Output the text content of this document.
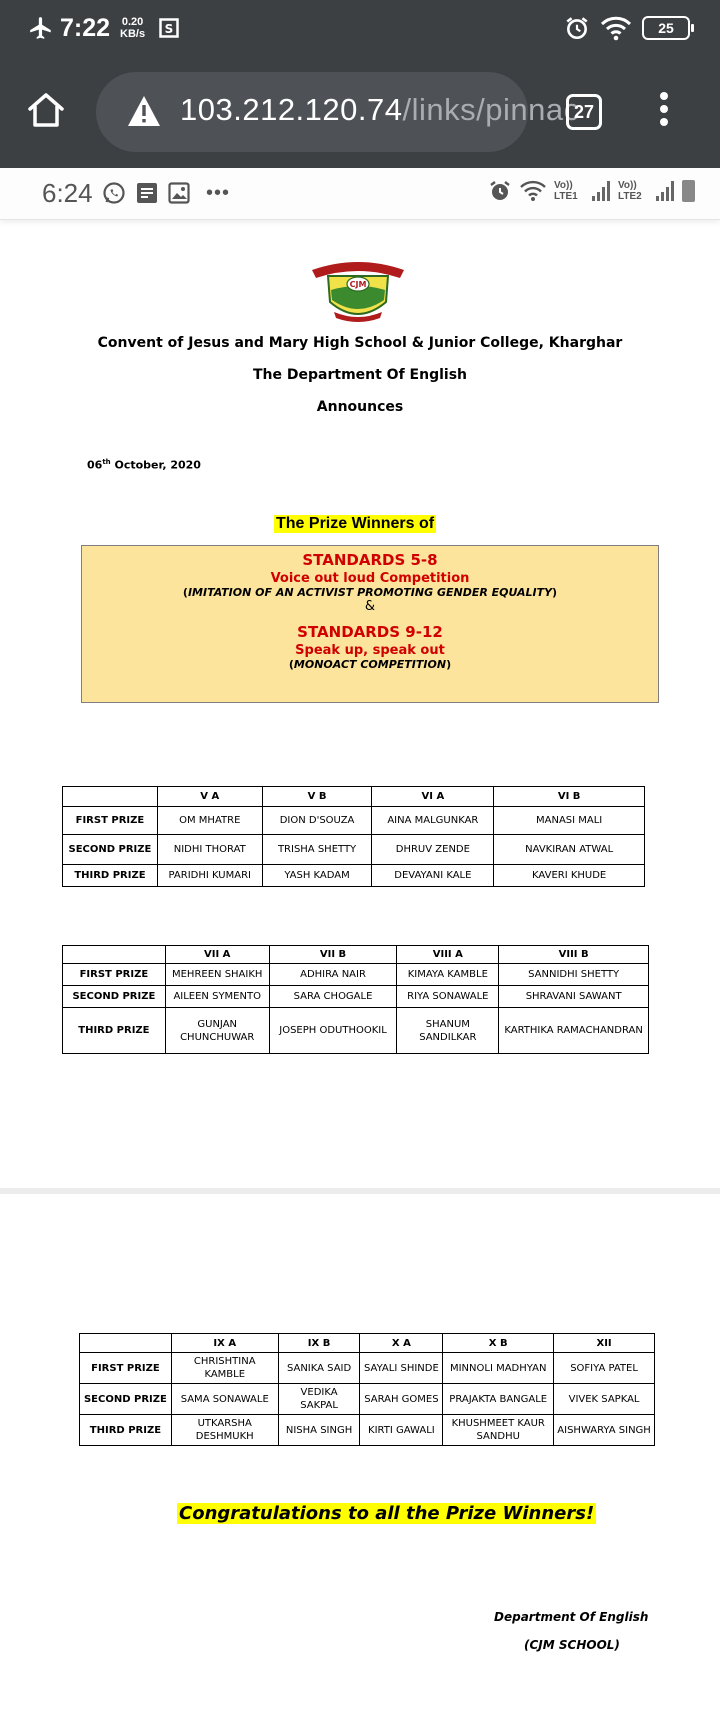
7:22 0.20
KB/s S	25
103.212.120.74/links/pinnac
27
6:24	•••	Vo)) LTE1
Vo)) LTE2
CJM
Convent of Jesus and Mary High School & Junior College, Kharghar
The Department Of English
Announces
06th October, 2020
The Prize Winners of
STANDARDS 5-8
Voice out loud Competition
(IMITATION OF AN ACTIVIST PROMOTING GENDER EQUALITY)
&
STANDARDS 9-12
Speak up, speak out
(MONOACT COMPETITION)
	V A	V B	VI A	VI B
FIRST PRIZE	OM MHATRE	DION D'SOUZA	AINA MALGUNKAR	MANASI MALI
SECOND PRIZE	NIDHI THORAT	TRISHA SHETTY	DHRUV ZENDE	NAVKIRAN ATWAL
THIRD PRIZE	PARIDHI KUMARI	YASH KADAM	DEVAYANI KALE	KAVERI KHUDE
	VII A	VII B	VIII A	VIII B
FIRST PRIZE	MEHREEN SHAIKH	ADHIRA NAIR	KIMAYA KAMBLE	SANNIDHI SHETTY
SECOND PRIZE	AILEEN SYMENTO	SARA CHOGALE	RIYA SONAWALE	SHRAVANI SAWANT
THIRD PRIZE	GUNJAN CHUNCHUWAR	JOSEPH ODUTHOOKIL	SHANUM SANDILKAR	KARTHIKA RAMACHANDRAN
	IX A	IX B	X A	X B	XII
FIRST PRIZE	CHRISHTINA KAMBLE	SANIKA SAID	SAYALI SHINDE	MINNOLI MADHYAN	SOFIYA PATEL
SECOND PRIZE	SAMA SONAWALE	VEDIKA SAKPAL	SARAH GOMES	PRAJAKTA BANGALE	VIVEK SAPKAL
THIRD PRIZE	UTKARSHA DESHMUKH	NISHA SINGH	KIRTI GAWALI	KHUSHMEET KAUR SANDHU	AISHWARYA SINGH
Congratulations to all the Prize Winners!
Department Of English
(CJM SCHOOL)
